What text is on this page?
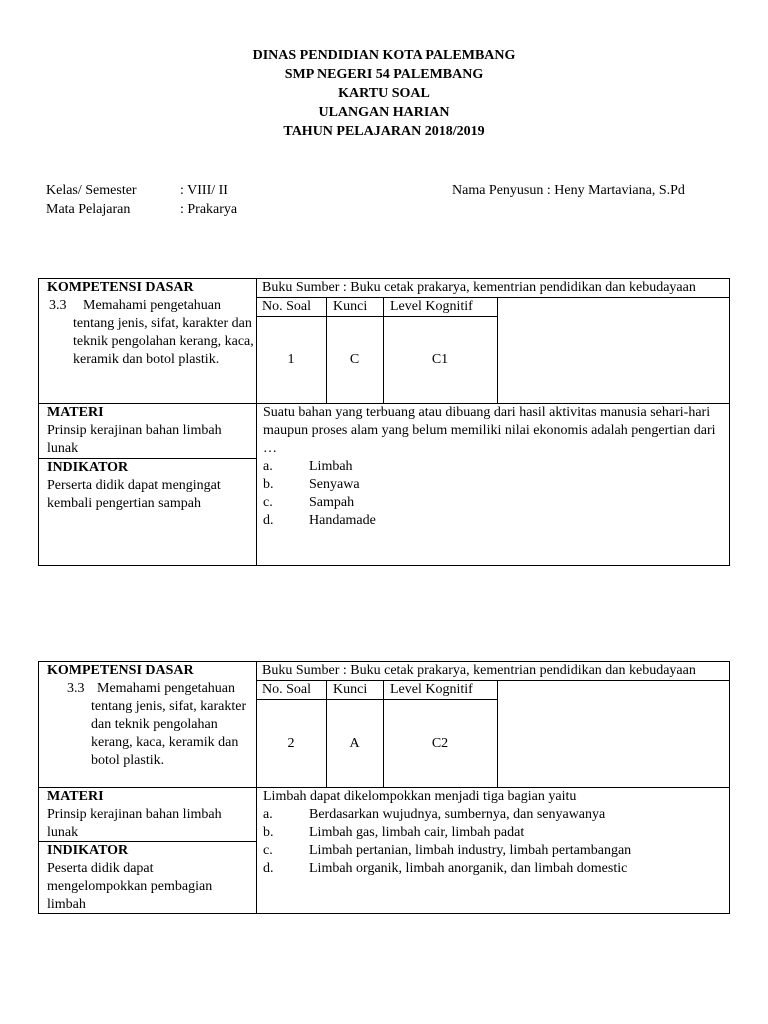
DINAS PENDIDIAN KOTA PALEMBANG
SMP NEGERI 54 PALEMBANG
KARTU SOAL
ULANGAN HARIAN
TAHUN PELAJARAN 2018/2019
Kelas/ Semester	: VIII/ II
Mata Pelajaran	: Prakarya
Nama Penyusun : Heny Martaviana, S.Pd
KOMPETENSI DASAR
3.3	Memahami pengetahuan tentang jenis, sifat, karakter dan teknik pengolahan kerang, kaca, keramik dan botol plastik.
Buku Sumber : Buku cetak prakarya, kementrian pendidikan dan kebudayaan
No. Soal	Kunci	Level Kognitif
1	C	C1
MATERI
Prinsip kerajinan bahan limbah lunak
INDIKATOR
Perserta didik dapat mengingat kembali pengertian sampah
Suatu bahan yang terbuang atau dibuang dari hasil aktivitas manusia sehari-hari maupun proses alam yang belum memiliki nilai ekonomis adalah pengertian dari …
a.	Limbah
b.	Senyawa
c.	Sampah
d.	Handamade
KOMPETENSI DASAR
3.3 Memahami pengetahuan tentang jenis, sifat, karakter dan teknik pengolahan kerang, kaca, keramik dan botol plastik.
Buku Sumber : Buku cetak prakarya, kementrian pendidikan dan kebudayaan
No. Soal	Kunci	Level Kognitif
2	A	C2
MATERI
Prinsip kerajinan bahan limbah lunak
INDIKATOR
Peserta didik dapat mengelompokkan pembagian limbah
Limbah dapat dikelompokkan menjadi tiga bagian yaitu
a.	Berdasarkan wujudnya, sumbernya, dan senyawanya
b.	Limbah gas, limbah cair, limbah padat
c.	Limbah pertanian, limbah industry, limbah pertambangan
d.	Limbah organik, limbah anorganik, dan limbah domestic
